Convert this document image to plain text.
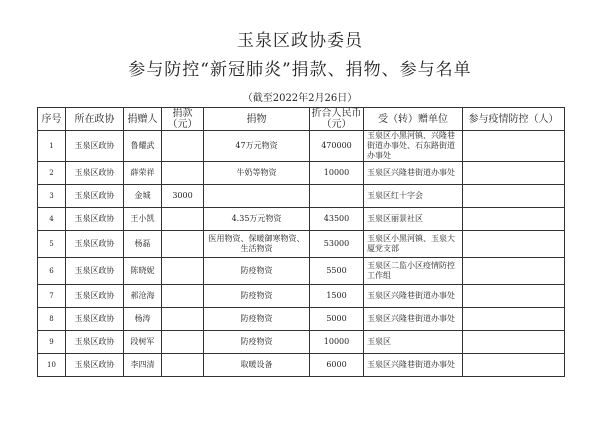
玉泉区政协委员
参与防控“新冠肺炎”捐款、捐物、参与名单
（截至2022年2月26日）
序号	所在政协	捐赠人	捐款（元）	捐物	折合人民币（元）	受（转）赠单位	参与疫情防控（人）
1	玉泉区政协	鲁耀武		47万元物资	470000	玉泉区小黑河镇、兴隆巷街道办事处、石东路街道办事处	
2	玉泉区政协	薛荣祥		牛奶等物资	10000	玉泉区兴隆巷街道办事处	
3	玉泉区政协	金城	3000			玉泉区红十字会	
4	玉泉区政协	王小凯		4.35万元物资	43500	玉泉区丽景社区	
5	玉泉区政协	杨磊		医用物资、保暖御寒物资、生活物资	53000	玉泉区小黑河镇、玉泉大厦党支部	
6	玉泉区政协	陈晓妮		防疫物资	5500	玉泉区二监小区疫情防控工作组	
7	玉泉区政协	郝沧海		防疫物资	1500	玉泉区兴隆巷街道办事处	
8	玉泉区政协	杨涛		防疫物资	5000	玉泉区兴隆巷街道办事处	
9	玉泉区政协	段树军		防疫物资	10000	玉泉区	
10	玉泉区政协	李四清		取暖设备	6000	玉泉区兴隆巷街道办事处	
